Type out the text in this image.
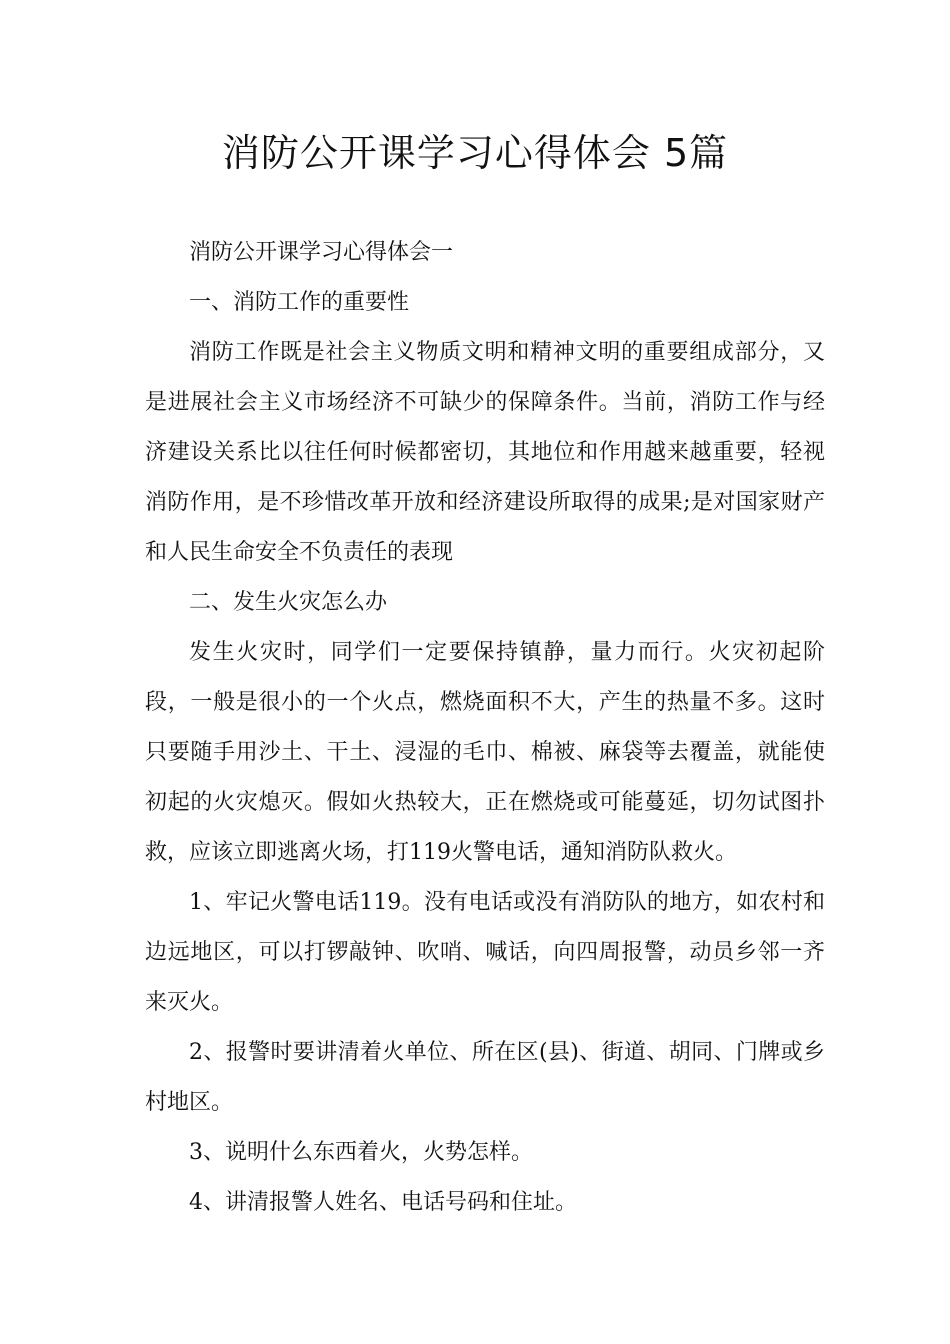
消防公开课学习心得体会 5篇

消防公开课学习心得体会一

一、消防工作的重要性

消防工作既是社会主义物质文明和精神文明的重要组成部分，又是进展社会主义市场经济不可缺少的保障条件。当前，消防工作与经济建设关系比以往任何时候都密切，其地位和作用越来越重要，轻视消防作用，是不珍惜改革开放和经济建设所取得的成果;是对国家财产和人民生命安全不负责任的表现

二、发生火灾怎么办

发生火灾时，同学们一定要保持镇静，量力而行。火灾初起阶段，一般是很小的一个火点，燃烧面积不大，产生的热量不多。这时只要随手用沙土、干土、浸湿的毛巾、棉被、麻袋等去覆盖，就能使初起的火灾熄灭。假如火热较大，正在燃烧或可能蔓延，切勿试图扑救，应该立即逃离火场，打119火警电话，通知消防队救火。

1、牢记火警电话119。没有电话或没有消防队的地方，如农村和边远地区，可以打锣敲钟、吹哨、喊话，向四周报警，动员乡邻一齐来灭火。

2、报警时要讲清着火单位、所在区(县)、街道、胡同、门牌或乡村地区。

3、说明什么东西着火，火势怎样。

4、讲清报警人姓名、电话号码和住址。
